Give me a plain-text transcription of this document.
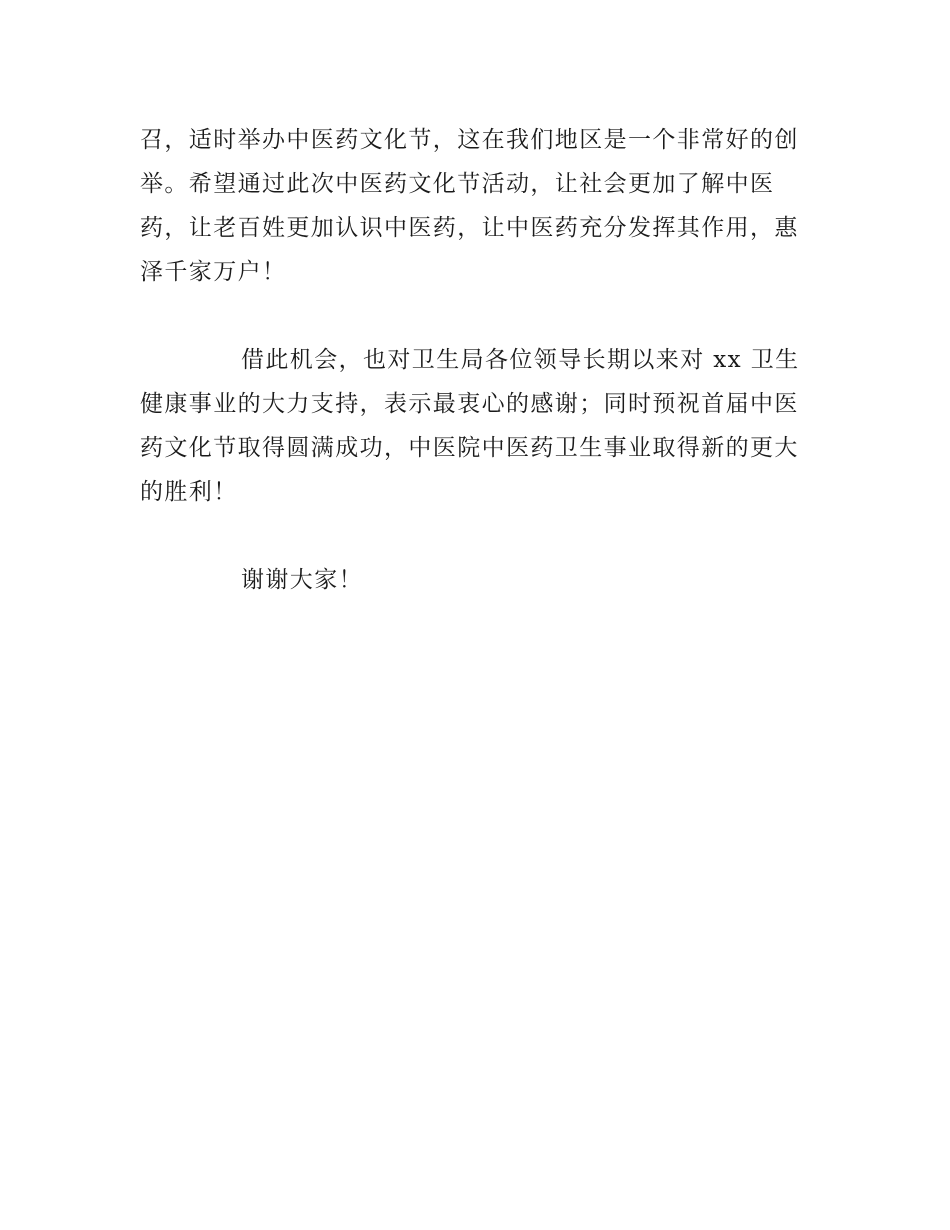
召，适时举办中医药文化节，这在我们地区是一个非常好的创
举。希望通过此次中医药文化节活动，让社会更加了解中医
药，让老百姓更加认识中医药，让中医药充分发挥其作用，惠
泽千家万户！
借此机会，也对卫生局各位领导长期以来对 xx 卫生
健康事业的大力支持，表示最衷心的感谢；同时预祝首届中医
药文化节取得圆满成功，中医院中医药卫生事业取得新的更大
的胜利！
谢谢大家！
